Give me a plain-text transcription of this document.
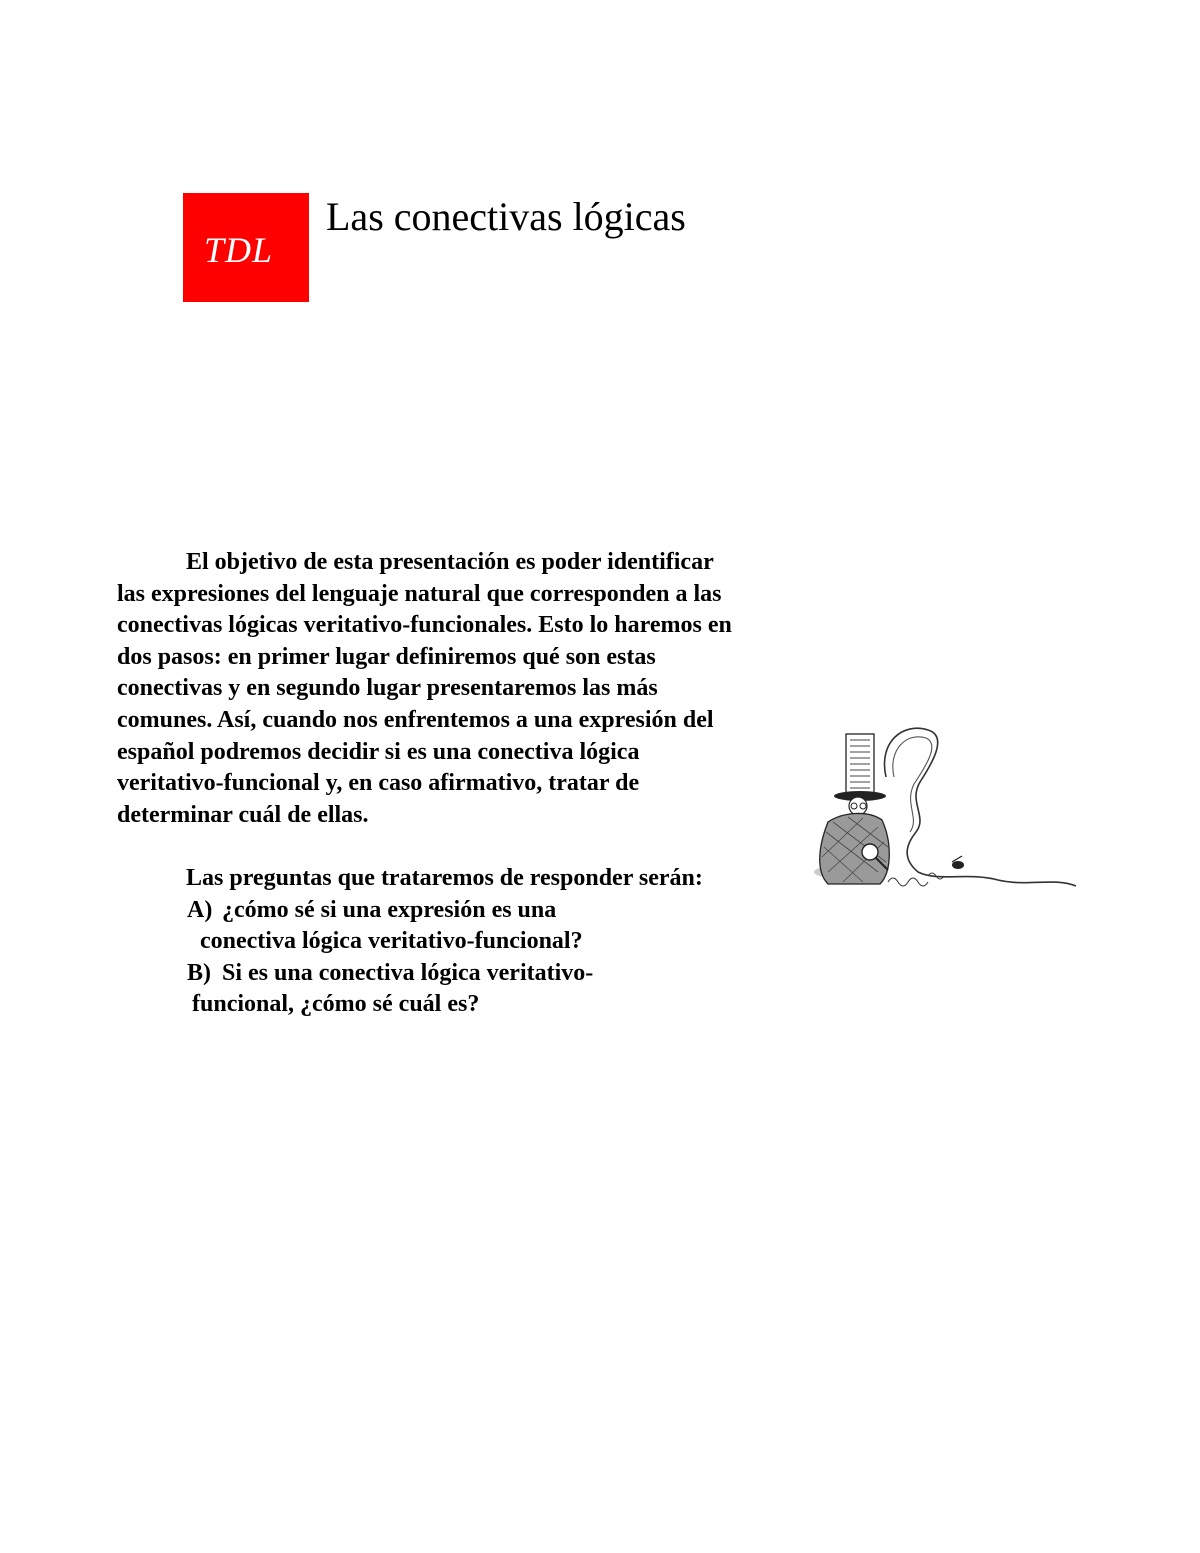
TDL
Las conectivas lógicas

El objetivo de esta presentación es poder identificar las expresiones del lenguaje natural que corresponden a las conectivas lógicas veritativo-funcionales. Esto lo haremos en dos pasos: en primer lugar definiremos qué son estas conectivas y en segundo lugar presentaremos las más comunes. Así, cuando nos enfrentemos a una expresión del español podremos decidir si es una conectiva lógica veritativo-funcional y, en caso afirmativo, tratar de determinar cuál de ellas.

Las preguntas que trataremos de responder serán:

A) ¿cómo sé si una expresión es una
conectiva lógica veritativo-funcional?

B) Si es una conectiva lógica veritativo-
funcional, ¿cómo sé cuál es?
